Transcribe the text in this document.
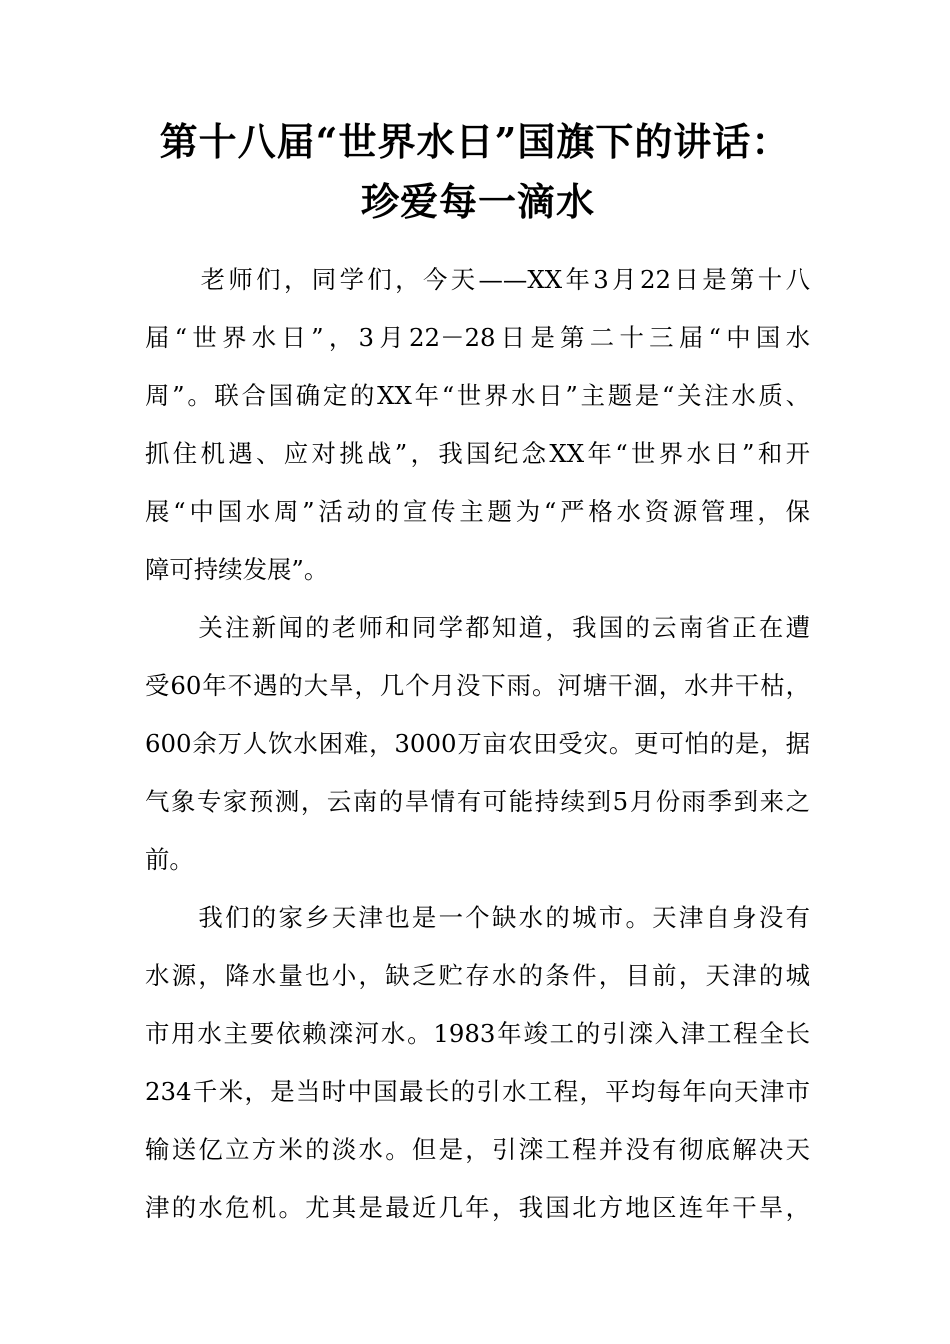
第十八届“世界水日”国旗下的讲话：
珍爱每一滴水
　　老师们，同学们，今天——XX年3月22日是第十八
届“世界水日”，3月22－28日是第二十三届“中国水
周”。联合国确定的XX年“世界水日”主题是“关注水质、
抓住机遇、应对挑战”，我国纪念XX年“世界水日”和开
展“中国水周”活动的宣传主题为“严格水资源管理，保
障可持续发展”。
　　关注新闻的老师和同学都知道，我国的云南省正在遭
受60年不遇的大旱，几个月没下雨。河塘干涸，水井干枯，
600余万人饮水困难，3000万亩农田受灾。更可怕的是，据
气象专家预测，云南的旱情有可能持续到5月份雨季到来之
前。
　　我们的家乡天津也是一个缺水的城市。天津自身没有
水源，降水量也小，缺乏贮存水的条件，目前，天津的城
市用水主要依赖滦河水。1983年竣工的引滦入津工程全长
234千米，是当时中国最长的引水工程，平均每年向天津市
输送亿立方米的淡水。但是，引滦工程并没有彻底解决天
津的水危机。尤其是最近几年，我国北方地区连年干旱，
